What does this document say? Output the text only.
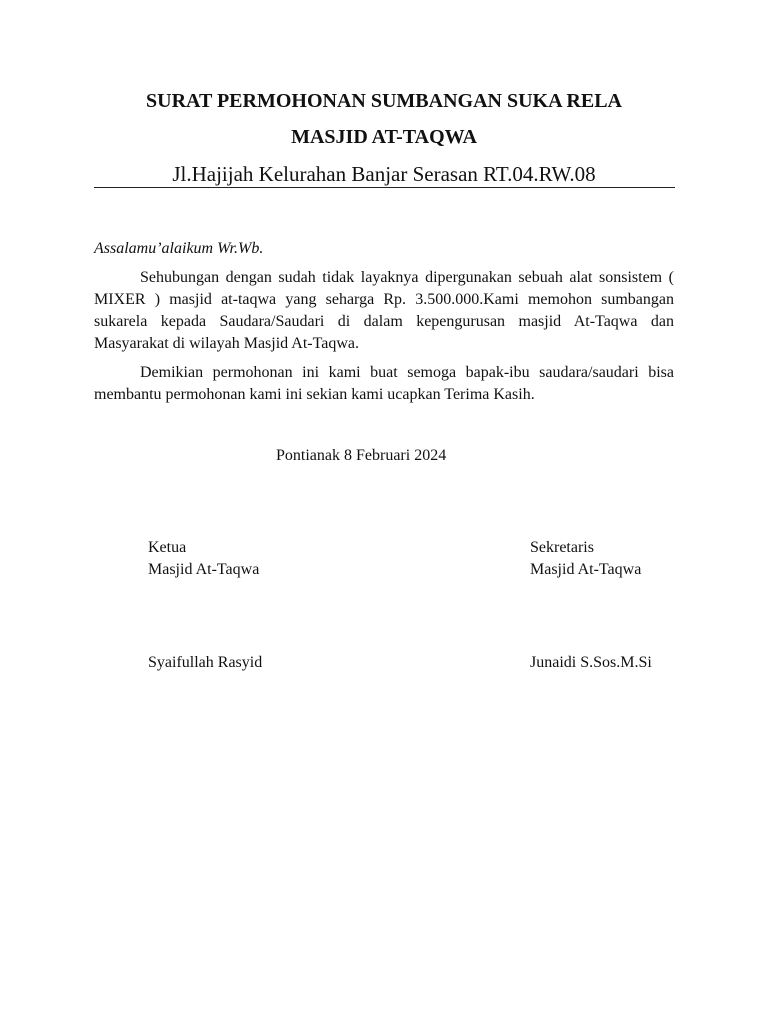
SURAT PERMOHONAN SUMBANGAN SUKA RELA
MASJID AT-TAQWA

Jl.Hajijah Kelurahan Banjar Serasan RT.04.RW.08

Assalamu’alaikum Wr.Wb.

Sehubungan dengan sudah tidak layaknya dipergunakan sebuah alat sonsistem ( MIXER ) masjid at-taqwa yang seharga Rp. 3.500.000.Kami memohon sumbangan sukarela kepada Saudara/Saudari di dalam kepengurusan masjid At-Taqwa dan Masyarakat di wilayah Masjid At-Taqwa.

Demikian permohonan ini kami buat semoga bapak-ibu saudara/saudari bisa membantu permohonan kami ini sekian kami ucapkan Terima Kasih.

Pontianak 8 Februari 2024

Ketua

Masjid At-Taqwa

Syaifullah Rasyid

Sekretaris

Masjid At-Taqwa

Junaidi S.Sos.M.Si
